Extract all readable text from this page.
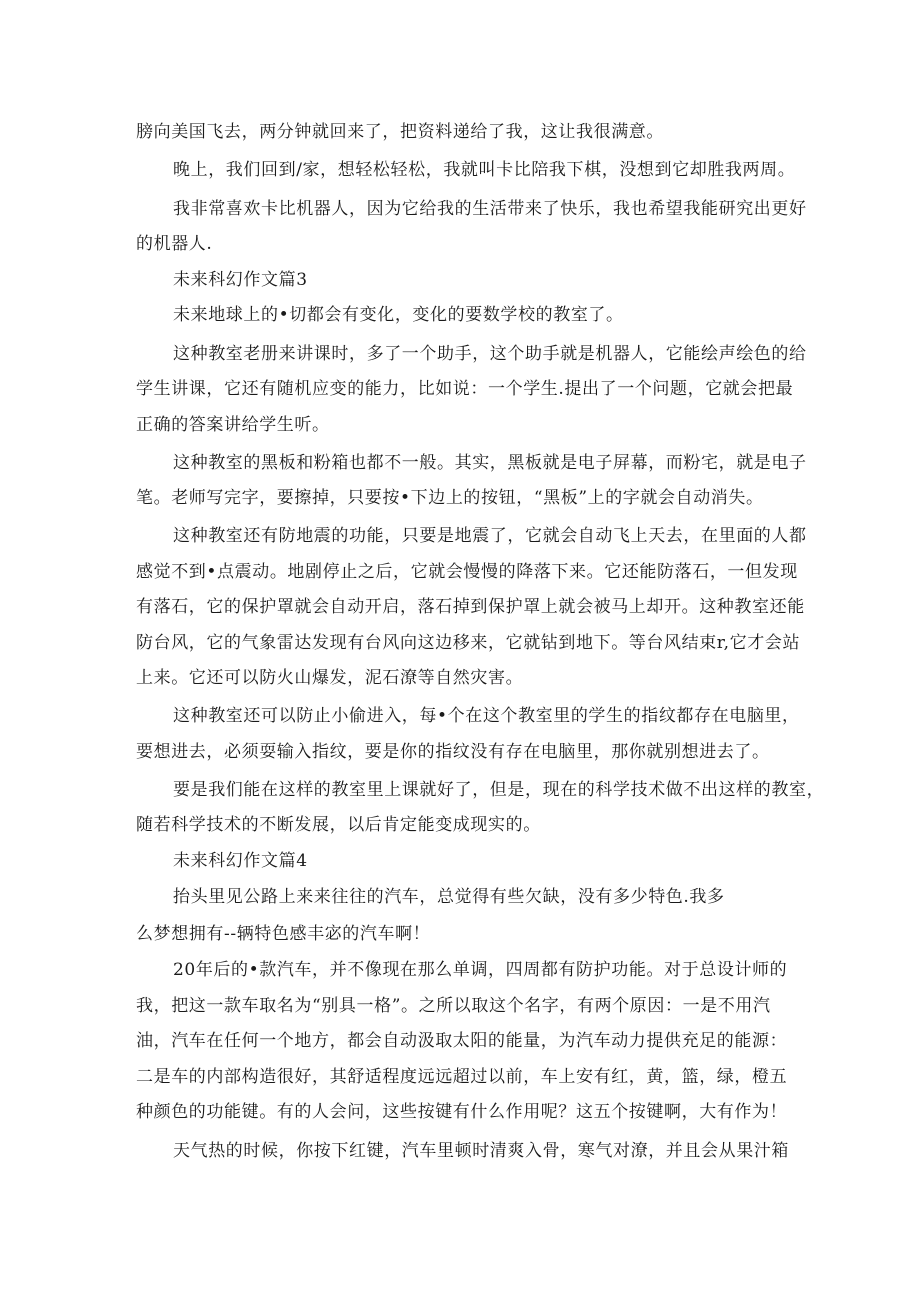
膀向美国飞去，两分钟就回来了，把资料递给了我，这让我很满意。

晚上，我们回到/家，想轻松轻松，我就叫卡比陪我下棋，没想到它却胜我两周。

我非常喜欢卡比机器人，因为它给我的生活带来了快乐，我也希望我能研究出更好

的机器人.

未来科幻作文篇3

未来地球上的•切都会有变化，变化的要数学校的教室了。

这种教室老册来讲课时，多了一个助手，这个助手就是机器人，它能绘声绘色的给

学生讲课，它还有随机应变的能力，比如说：一个学生.提出了一个问题，它就会把最

正确的答案讲给学生听。

这种教室的黑板和粉箱也都不一般。其实，黑板就是电子屏幕，而粉宅，就是电子

笔。老师写完字，要擦掉，只要按•下边上的按钮，“黑板”上的字就会自动消失。

这种教室还有防地震的功能，只要是地震了，它就会自动飞上天去，在里面的人都

感觉不到•点震动。地剧停止之后，它就会慢慢的降落下来。它还能防落石，一但发现

有落石，它的保护罩就会自动开启，落石掉到保护罩上就会被马上却开。这种教室还能

防台风，它的气象雷达发现有台风向这边移来，它就钻到地下。等台风结束r,它才会站

上来。它还可以防火山爆发，泥石潦等自然灾害。

这种教室还可以防止小偷进入，每•个在这个教室里的学生的指纹都存在电脑里，

要想进去，必须耍输入指纹，要是你的指纹没有存在电脑里，那你就别想进去了。

要是我们能在这样的教室里上课就好了，但是，现在的科学技术做不出这样的教室，

随若科学技术的不断发展，以后肯定能变成现实的。

未来科幻作文篇4

抬头里见公路上来来往往的汽车，总觉得有些欠缺，没有多少特色.我多

么梦想拥有--辆特色感丰宓的汽车啊！

20年后的•款汽车，并不像现在那么单调，四周都有防护功能。对于总设计师的

我，把这一款车取名为“别具一格”。之所以取这个名字，有两个原因：一是不用汽

油，汽车在任何一个地方，都会自动汲取太阳的能量，为汽车动力提供充足的能源：

二是车的内部构造很好，其舒适程度远远超过以前，车上安有红，黄，篮，绿，橙五

种颜色的功能键。有的人会问，这些按键有什么作用呢？这五个按键啊，大有作为！

天气热的时候，你按下红键，汽车里顿时清爽入骨，寒气对潦，并且会从果汁箱
